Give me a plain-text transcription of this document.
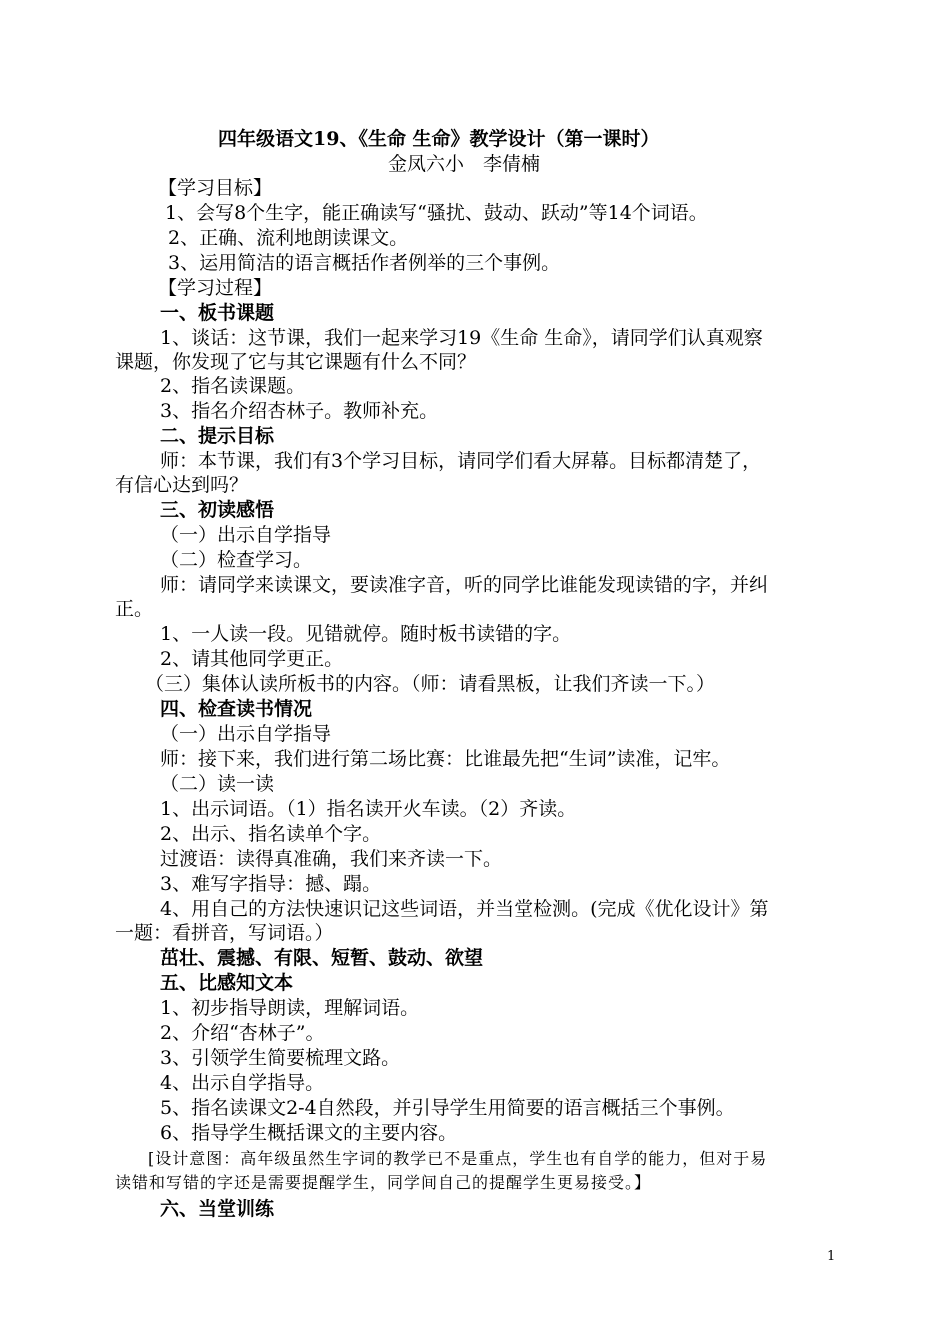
四年级语文19、《生命 生命》教学设计（第一课时）
金凤六小　李倩楠
【学习目标】
1、会写8个生字，能正确读写“骚扰、鼓动、跃动”等14个词语。
2、正确、流利地朗读课文。
3、运用简洁的语言概括作者例举的三个事例。
【学习过程】
一、板书课题
1、谈话：这节课，我们一起来学习19《生命 生命》，请同学们认真观察
课题，你发现了它与其它课题有什么不同？
2、指名读课题。
3、指名介绍杏林子。教师补充。
二、提示目标
师：本节课，我们有3个学习目标，请同学们看大屏幕。目标都清楚了，
有信心达到吗？
三、初读感悟
（一）出示自学指导
（二）检查学习。
师：请同学来读课文，要读准字音，听的同学比谁能发现读错的字，并纠
正。
1、一人读一段。见错就停。随时板书读错的字。
2、请其他同学更正。
（三）集体认读所板书的内容。（师：请看黑板，让我们齐读一下。）
四、检查读书情况
（一）出示自学指导
师：接下来，我们进行第二场比赛：比谁最先把“生词”读准，记牢。
（二）读一读
1、出示词语。（1）指名读开火车读。（2）齐读。
2、出示、指名读单个字。
过渡语：读得真准确，我们来齐读一下。
3、难写字指导：撼、蹋。
4、用自己的方法快速识记这些词语，并当堂检测。(完成《优化设计》第
一题：看拼音，写词语。）
茁壮、震撼、有限、短暂、鼓动、欲望
五、比感知文本
1、初步指导朗读，理解词语。
2、介绍“杏林子”。
3、引领学生简要梳理文路。
4、出示自学指导。
5、指名读课文2-4自然段，并引导学生用简要的语言概括三个事例。
6、指导学生概括课文的主要内容。
[设计意图：高年级虽然生字词的教学已不是重点，学生也有自学的能力，但对于易
读错和写错的字还是需要提醒学生，同学间自己的提醒学生更易接受。】
六、当堂训练
1
